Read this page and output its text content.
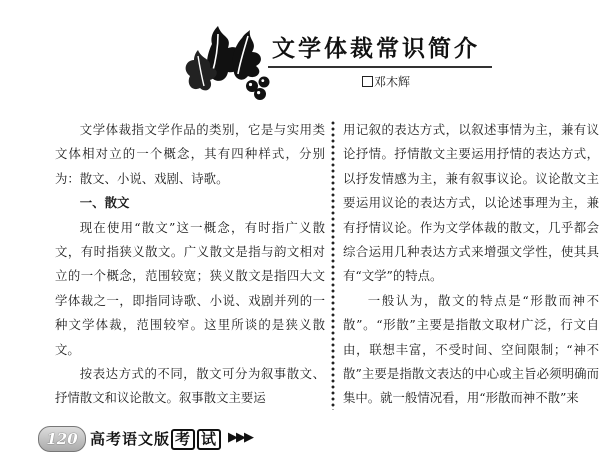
文学体裁常识简介
邓木辉

文学体裁指文学作品的类别，它是与实用类文体相对立的一个概念，其有四种样式，分别为：散文、小说、戏剧、诗歌。

一、散文

现在使用“散文”这一概念，有时指广义散文，有时指狭义散文。广义散文是指与韵文相对立的一个概念，范围较宽；狭义散文是指四大文学体裁之一，即指同诗歌、小说、戏剧并列的一种文学体裁，范围较窄。这里所谈的是狭义散文。

按表达方式的不同，散文可分为叙事散文、抒情散文和议论散文。叙事散文主要运

用记叙的表达方式，以叙述事情为主，兼有议论抒情。抒情散文主要运用抒情的表达方式，以抒发情感为主，兼有叙事议论。议论散文主要运用议论的表达方式，以论述事理为主，兼有抒情议论。作为文学体裁的散文，几乎都会综合运用几种表达方式来增强文学性，使其具有“文学”的特点。

一般认为，散文的特点是“形散而神不散”。“形散”主要是指散文取材广泛，行文自由，联想丰富，不受时间、空间限制；“神不散”主要是指散文表达的中心或主旨必须明确而集中。就一般情况看，用“形散而神不散”来

120 高考语文版 考 试 ▶▶▶
